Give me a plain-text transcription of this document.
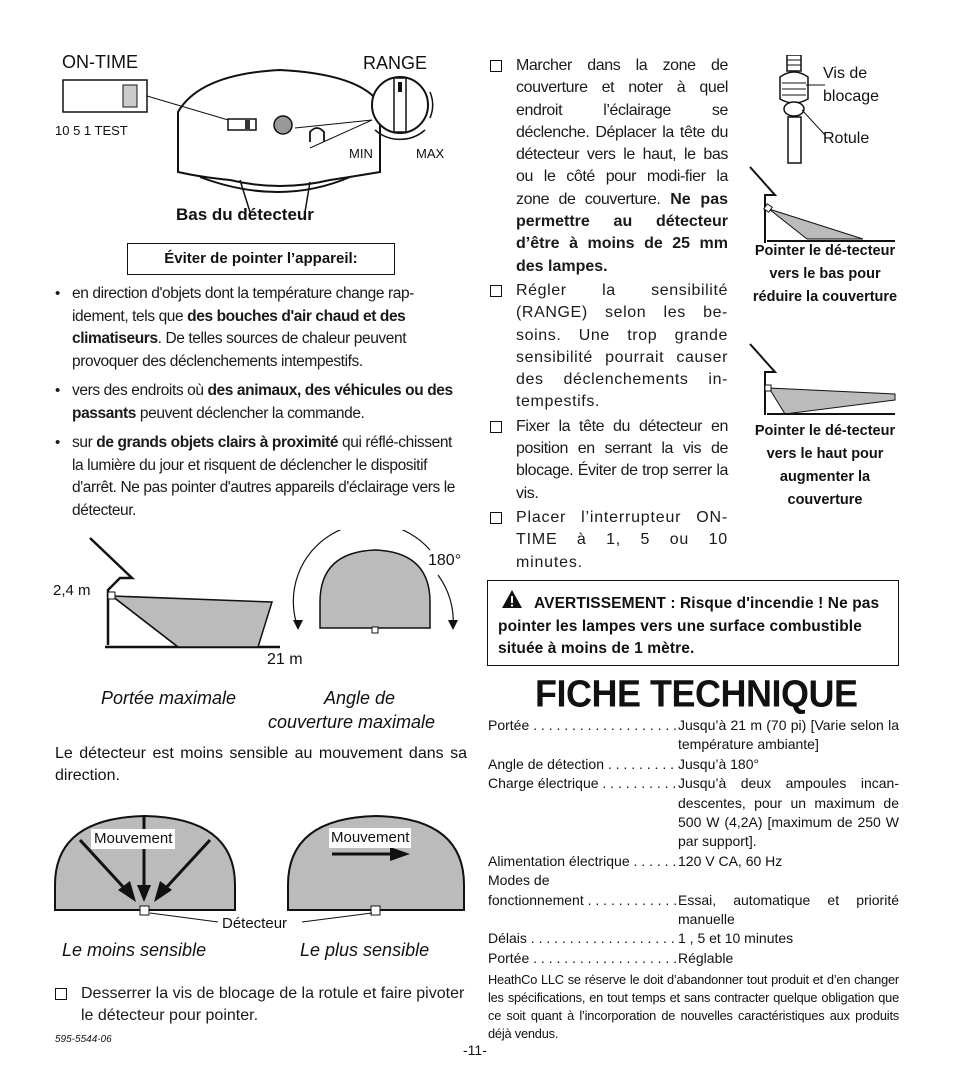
ON-TIME
10 5 1 TEST
RANGE
MIN	MAX
Bas du détecteur
Éviter de pointer l’appareil:
• en direction d'objets dont la température change rap-idement, tels que des bouches d'air chaud et des climatiseurs. De telles sources de chaleur peuvent provoquer des déclenchements intempestifs.
• vers des endroits où des animaux, des véhicules ou des passants peuvent déclencher la commande.
• sur de grands objets clairs à proximité qui réflé-chissent la lumière du jour et risquent de déclencher le dispositif d'arrêt. Ne pas pointer d'autres appareils d'éclairage vers le détecteur.
2,4 m
21 m
180°
Portée maximale	Angle de
couverture maximale
Le détecteur est moins sensible au mouvement dans sa direction.
Mouvement	Mouvement
Détecteur
Le moins sensible	Le plus sensible
Desserrer la vis de blocage de la rotule et faire pivoter le détecteur pour pointer.
Marcher dans la zone de couverture et noter à quel endroit l’éclairage se déclenche. Déplacer la tête du détecteur vers le haut, le bas ou le côté pour modi-fier la zone de couverture. Ne pas permettre au détecteur d’être à moins de 25 mm des lampes.
Régler la sensibilité (RANGE) selon les be-soins. Une trop grande sensibilité pourrait causer des déclenchements in-tempestifs.
Fixer la tête du détecteur en position en serrant la vis de blocage. Éviter de trop serrer la vis.
Placer l’interrupteur ON-TIME à 1, 5 ou 10 minutes.
Vis de blocage
Rotule
Pointer le dé-tecteur vers le bas pour réduire la couverture
Pointer le dé-tecteur vers le haut pour augmenter la couverture
AVERTISSEMENT : Risque d'incendie ! Ne pas pointer les lampes vers une surface combustible située à moins de 1 mètre.
FICHE TECHNIQUE
Portée . . .	Jusqu’à 21 m (70 pi) [Varie selon la température ambiante]
Angle de détection . . .	Jusqu’à 180°
Charge électrique . . .	Jusqu’à deux ampoules incan-descentes, pour un maximum de 500 W (4,2A) [maximum de 250 W par support].
Alimentation électrique . . .	120 V CA, 60 Hz
Modes de
fonctionnement . . .	Essai, automatique et priorité manuelle
Délais . . .	1 , 5 et 10 minutes
Portée . . .	Réglable
HeathCo LLC se réserve le doit d’abandonner tout produit et d’en changer les spécifications, en tout temps et sans contracter quelque obligation que ce soit quant à l’incorporation de nouvelles caractéristiques aux produits déjà vendus.
595-5544-06
-11-
